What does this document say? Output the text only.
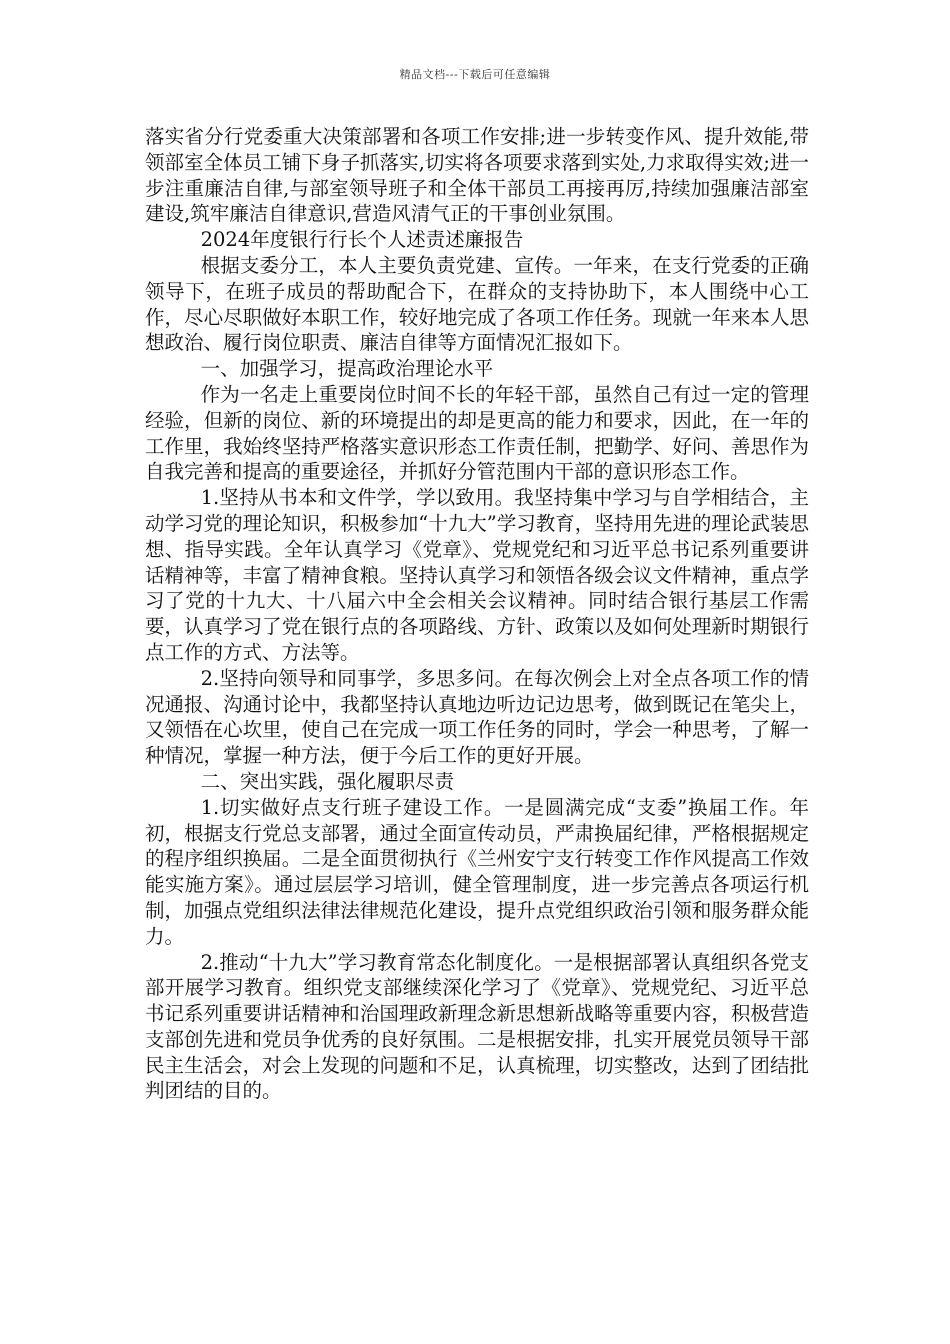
精品文档---下载后可任意编辑

落实省分行党委重大决策部署和各项工作安排;进一步转变作风、提升效能,带领部室全体员工铺下身子抓落实,切实将各项要求落到实处,力求取得实效;进一步注重廉洁自律,与部室领导班子和全体干部员工再接再厉,持续加强廉洁部室建设,筑牢廉洁自律意识,营造风清气正的干事创业氛围。

2024年度银行行长个人述责述廉报告

根据支委分工，本人主要负责党建、宣传。一年来，在支行党委的正确领导下，在班子成员的帮助配合下，在群众的支持协助下，本人围绕中心工作，尽心尽职做好本职工作，较好地完成了各项工作任务。现就一年来本人思想政治、履行岗位职责、廉洁自律等方面情况汇报如下。

一、加强学习，提高政治理论水平

作为一名走上重要岗位时间不长的年轻干部，虽然自己有过一定的管理经验，但新的岗位、新的环境提出的却是更高的能力和要求，因此，在一年的工作里，我始终坚持严格落实意识形态工作责任制，把勤学、好问、善思作为自我完善和提高的重要途径，并抓好分管范围内干部的意识形态工作。

1.坚持从书本和文件学，学以致用。我坚持集中学习与自学相结合，主动学习党的理论知识，积极参加“十九大”学习教育，坚持用先进的理论武装思想、指导实践。全年认真学习《党章》、党规党纪和习近平总书记系列重要讲话精神等，丰富了精神食粮。坚持认真学习和领悟各级会议文件精神，重点学习了党的十九大、十八届六中全会相关会议精神。同时结合银行基层工作需要，认真学习了党在银行点的各项路线、方针、政策以及如何处理新时期银行点工作的方式、方法等。

2.坚持向领导和同事学，多思多问。在每次例会上对全点各项工作的情况通报、沟通讨论中，我都坚持认真地边听边记边思考，做到既记在笔尖上，又领悟在心坎里，使自己在完成一项工作任务的同时，学会一种思考，了解一种情况，掌握一种方法，便于今后工作的更好开展。

二、突出实践，强化履职尽责

1.切实做好点支行班子建设工作。一是圆满完成“支委”换届工作。年初，根据支行党总支部署，通过全面宣传动员，严肃换届纪律，严格根据规定的程序组织换届。二是全面贯彻执行《兰州安宁支行转变工作作风提高工作效能实施方案》。通过层层学习培训，健全管理制度，进一步完善点各项运行机制，加强点党组织法律法律规范化建设，提升点党组织政治引领和服务群众能力。

2.推动“十九大”学习教育常态化制度化。一是根据部署认真组织各党支部开展学习教育。组织党支部继续深化学习了《党章》、党规党纪、习近平总书记系列重要讲话精神和治国理政新理念新思想新战略等重要内容，积极营造支部创先进和党员争优秀的良好氛围。二是根据安排，扎实开展党员领导干部民主生活会，对会上发现的问题和不足，认真梳理，切实整改，达到了团结批判团结的目的。
